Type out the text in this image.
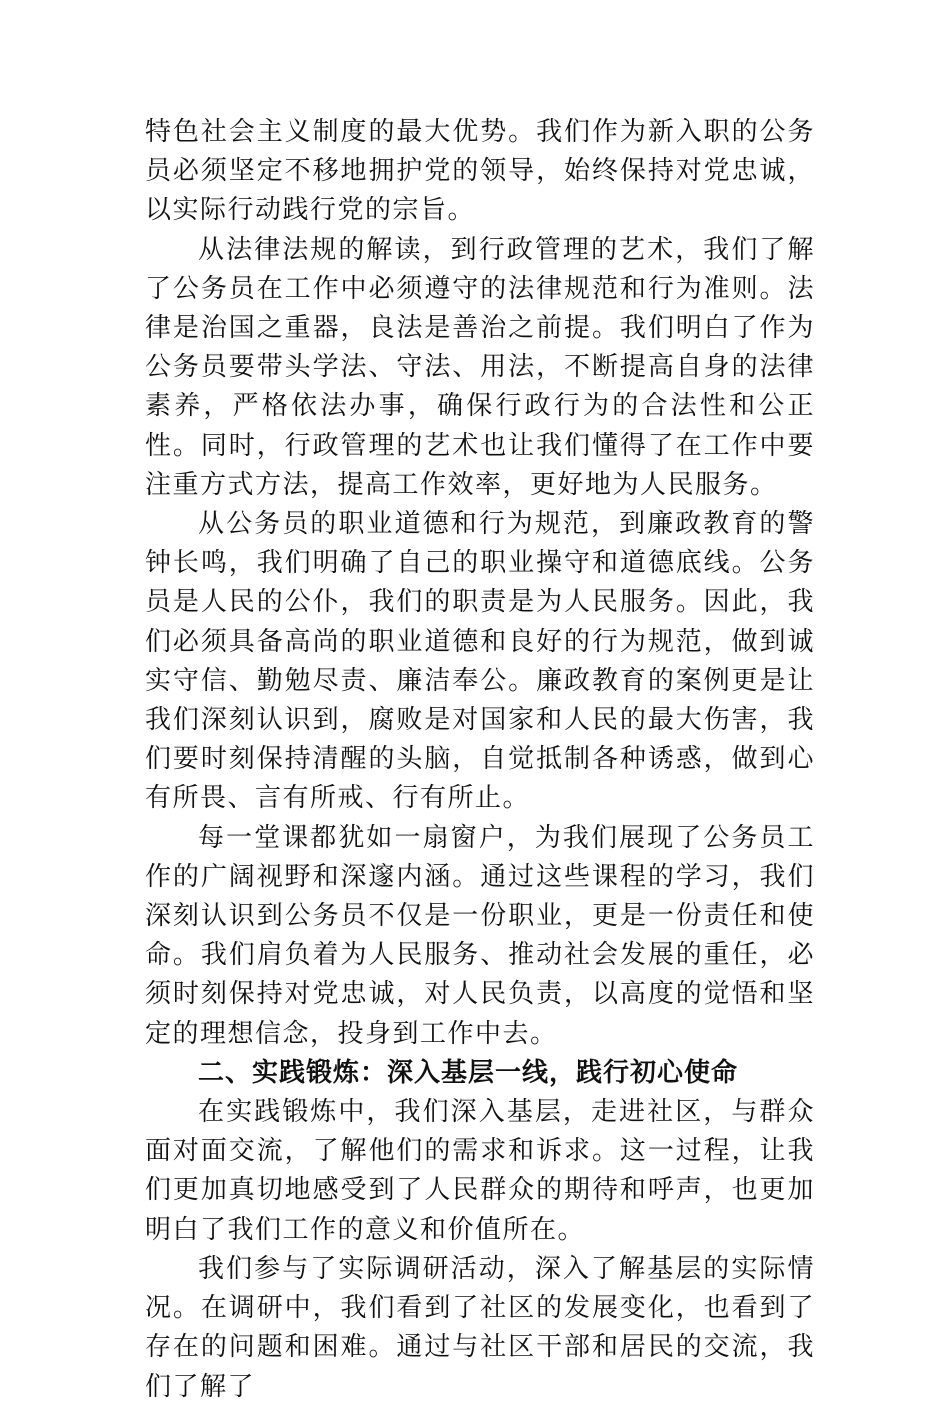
特色社会主义制度的最大优势。我们作为新入职的公务员必须坚定不移地拥护党的领导，始终保持对党忠诚，以实际行动践行党的宗旨。

从法律法规的解读，到行政管理的艺术，我们了解了公务员在工作中必须遵守的法律规范和行为准则。法律是治国之重器，良法是善治之前提。我们明白了作为公务员要带头学法、守法、用法，不断提高自身的法律素养，严格依法办事，确保行政行为的合法性和公正性。同时，行政管理的艺术也让我们懂得了在工作中要注重方式方法，提高工作效率，更好地为人民服务。

从公务员的职业道德和行为规范，到廉政教育的警钟长鸣，我们明确了自己的职业操守和道德底线。公务员是人民的公仆，我们的职责是为人民服务。因此，我们必须具备高尚的职业道德和良好的行为规范，做到诚实守信、勤勉尽责、廉洁奉公。廉政教育的案例更是让我们深刻认识到，腐败是对国家和人民的最大伤害，我们要时刻保持清醒的头脑，自觉抵制各种诱惑，做到心有所畏、言有所戒、行有所止。

每一堂课都犹如一扇窗户，为我们展现了公务员工作的广阔视野和深邃内涵。通过这些课程的学习，我们深刻认识到公务员不仅是一份职业，更是一份责任和使命。我们肩负着为人民服务、推动社会发展的重任，必须时刻保持对党忠诚，对人民负责，以高度的觉悟和坚定的理想信念，投身到工作中去。

二、实践锻炼：深入基层一线，践行初心使命

在实践锻炼中，我们深入基层，走进社区，与群众面对面交流，了解他们的需求和诉求。这一过程，让我们更加真切地感受到了人民群众的期待和呼声，也更加明白了我们工作的意义和价值所在。

我们参与了实际调研活动，深入了解基层的实际情况。在调研中，我们看到了社区的发展变化，也看到了存在的问题和困难。通过与社区干部和居民的交流，我们了解了
